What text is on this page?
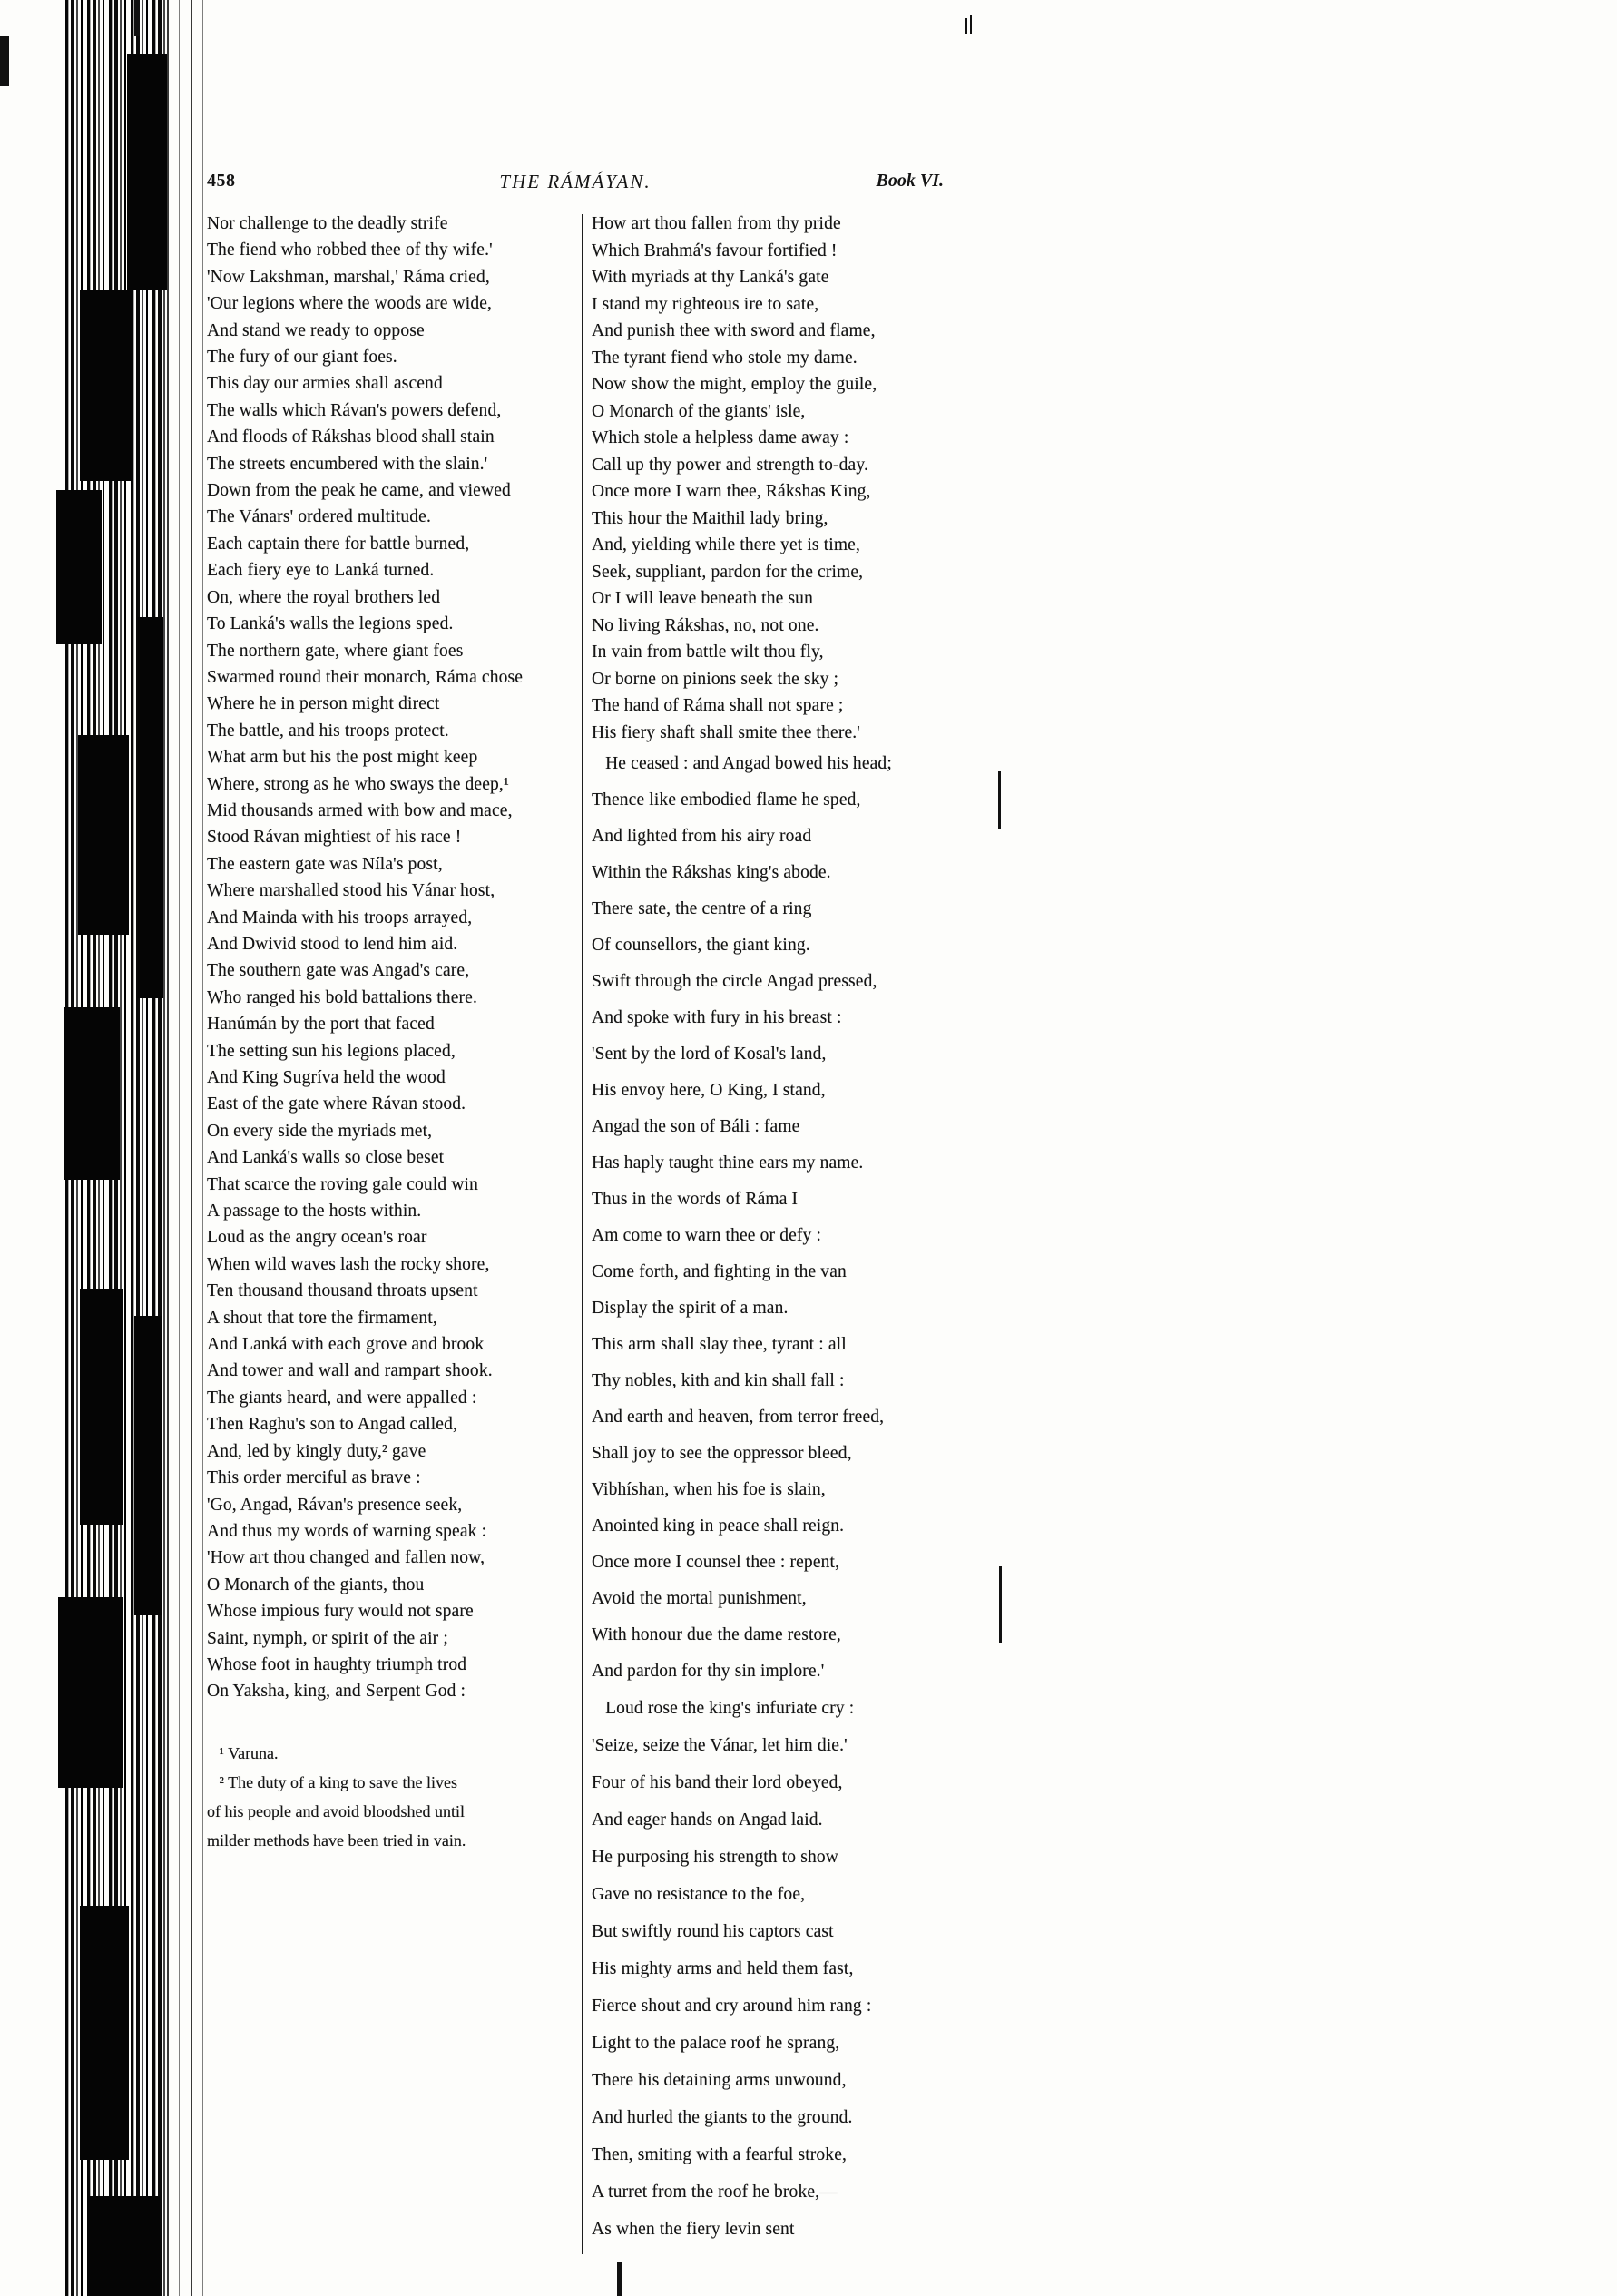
458	THE RÁMÁYAN.	Book VI.
Nor challenge to the deadly strife
The fiend who robbed thee of thy wife.'
'Now Lakshman, marshal,' Ráma cried,
'Our legions where the woods are wide,
And stand we ready to oppose
The fury of our giant foes.
This day our armies shall ascend
The walls which Rávan's powers defend,
And floods of Rákshas blood shall stain
The streets encumbered with the slain.'
Down from the peak he came, and viewed
The Vánars' ordered multitude.
Each captain there for battle burned,
Each fiery eye to Lanká turned.
On, where the royal brothers led
To Lanká's walls the legions sped.
The northern gate, where giant foes
Swarmed round their monarch, Ráma chose
Where he in person might direct
The battle, and his troops protect.
What arm but his the post might keep
Where, strong as he who sways the deep,¹
Mid thousands armed with bow and mace,
Stood Rávan mightiest of his race !
The eastern gate was Níla's post,
Where marshalled stood his Vánar host,
And Mainda with his troops arrayed,
And Dwivid stood to lend him aid.
The southern gate was Angad's care,
Who ranged his bold battalions there.
Hanúmán by the port that faced
The setting sun his legions placed,
And King Sugríva held the wood
East of the gate where Rávan stood.
On every side the myriads met,
And Lanká's walls so close beset
That scarce the roving gale could win
A passage to the hosts within.
Loud as the angry ocean's roar
When wild waves lash the rocky shore,
Ten thousand thousand throats upsent
A shout that tore the firmament,
And Lanká with each grove and brook
And tower and wall and rampart shook.
The giants heard, and were appalled :
Then Raghu's son to Angad called,
And, led by kingly duty,² gave
This order merciful as brave :
'Go, Angad, Rávan's presence seek,
And thus my words of warning speak :
'How art thou changed and fallen now,
O Monarch of the giants, thou
Whose impious fury would not spare
Saint, nymph, or spirit of the air ;
Whose foot in haughty triumph trod
On Yaksha, king, and Serpent God :
How art thou fallen from thy pride
Which Brahmá's favour fortified !
With myriads at thy Lanká's gate
I stand my righteous ire to sate,
And punish thee with sword and flame,
The tyrant fiend who stole my dame.
Now show the might, employ the guile,
O Monarch of the giants' isle,
Which stole a helpless dame away :
Call up thy power and strength to-day.
Once more I warn thee, Rákshas King,
This hour the Maithil lady bring,
And, yielding while there yet is time,
Seek, suppliant, pardon for the crime,
Or I will leave beneath the sun
No living Rákshas, no, not one.
In vain from battle wilt thou fly,
Or borne on pinions seek the sky ;
The hand of Ráma shall not spare ;
His fiery shaft shall smite thee there.'
He ceased : and Angad bowed his head;
Thence like embodied flame he sped,
And lighted from his airy road
Within the Rákshas king's abode.
There sate, the centre of a ring
Of counsellors, the giant king.
Swift through the circle Angad pressed,
And spoke with fury in his breast :
'Sent by the lord of Kosal's land,
His envoy here, O King, I stand,
Angad the son of Báli : fame
Has haply taught thine ears my name.
Thus in the words of Ráma I
Am come to warn thee or defy :
Come forth, and fighting in the van
Display the spirit of a man.
This arm shall slay thee, tyrant : all
Thy nobles, kith and kin shall fall :
And earth and heaven, from terror freed,
Shall joy to see the oppressor bleed,
Vibhíshan, when his foe is slain,
Anointed king in peace shall reign.
Once more I counsel thee : repent,
Avoid the mortal punishment,
With honour due the dame restore,
And pardon for thy sin implore.'
Loud rose the king's infuriate cry :
'Seize, seize the Vánar, let him die.'
Four of his band their lord obeyed,
And eager hands on Angad laid.
He purposing his strength to show
Gave no resistance to the foe,
But swiftly round his captors cast
His mighty arms and held them fast,
Fierce shout and cry around him rang :
Light to the palace roof he sprang,
There his detaining arms unwound,
And hurled the giants to the ground.
Then, smiting with a fearful stroke,
A turret from the roof he broke,—
As when the fiery levin sent
¹ Varuna.
² The duty of a king to save the lives
of his people and avoid bloodshed until
milder methods have been tried in vain.
